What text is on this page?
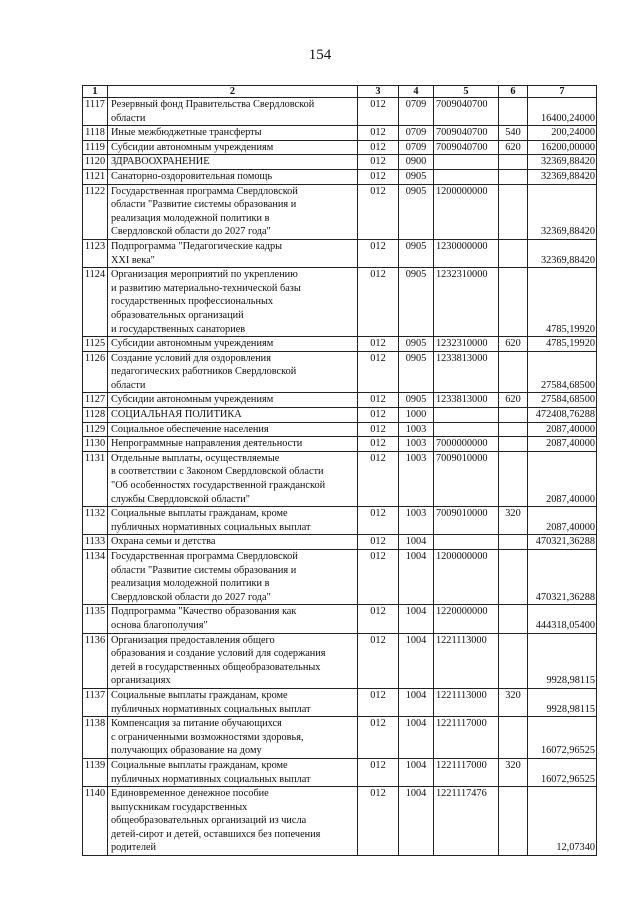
154
1	2	3	4	5	6	7
1117	Резервный фонд Правительства Свердловской
области	012	0709	7009040700		16400,24000
1118	Иные межбюджетные трансферты	012	0709	7009040700	540	200,24000
1119	Субсидии автономным учреждениям	012	0709	7009040700	620	16200,00000
1120	ЗДРАВООХРАНЕНИЕ	012	0900			32369,88420
1121	Санаторно-оздоровительная помощь	012	0905			32369,88420
1122	Государственная программа Свердловской
области "Развитие системы образования и
реализация молодежной политики в
Свердловской области до 2027 года"	012	0905	1200000000		32369,88420
1123	Подпрограмма "Педагогические кадры
XXI века"	012	0905	1230000000		32369,88420
1124	Организация мероприятий по укреплению
и развитию материально-технической базы
государственных профессиональных
образовательных организаций
и государственных санаториев	012	0905	1232310000		4785,19920
1125	Субсидии автономным учреждениям	012	0905	1232310000	620	4785,19920
1126	Создание условий для оздоровления
педагогических работников Свердловской
области	012	0905	1233813000		27584,68500
1127	Субсидии автономным учреждениям	012	0905	1233813000	620	27584,68500
1128	СОЦИАЛЬНАЯ ПОЛИТИКА	012	1000			472408,76288
1129	Социальное обеспечение населения	012	1003			2087,40000
1130	Непрограммные направления деятельности	012	1003	7000000000		2087,40000
1131	Отдельные выплаты, осуществляемые
в соответствии с Законом Свердловской области
"Об особенностях государственной гражданской
службы Свердловской области"	012	1003	7009010000		2087,40000
1132	Социальные выплаты гражданам, кроме
публичных нормативных социальных выплат	012	1003	7009010000	320	2087,40000
1133	Охрана семьи и детства	012	1004			470321,36288
1134	Государственная программа Свердловской
области "Развитие системы образования и
реализация молодежной политики в
Свердловской области до 2027 года"	012	1004	1200000000		470321,36288
1135	Подпрограмма "Качество образования как
основа благополучия"	012	1004	1220000000		444318,05400
1136	Организация предоставления общего
образования и создание условий для содержания
детей в государственных общеобразовательных
организациях	012	1004	1221113000		9928,98115
1137	Социальные выплаты гражданам, кроме
публичных нормативных социальных выплат	012	1004	1221113000	320	9928,98115
1138	Компенсация за питание обучающихся
с ограниченными возможностями здоровья,
получающих образование на дому	012	1004	1221117000		16072,96525
1139	Социальные выплаты гражданам, кроме
публичных нормативных социальных выплат	012	1004	1221117000	320	16072,96525
1140	Единовременное денежное пособие
выпускникам государственных
общеобразовательных организаций из числа
детей-сирот и детей, оставшихся без попечения
родителей	012	1004	1221117476		12,07340
